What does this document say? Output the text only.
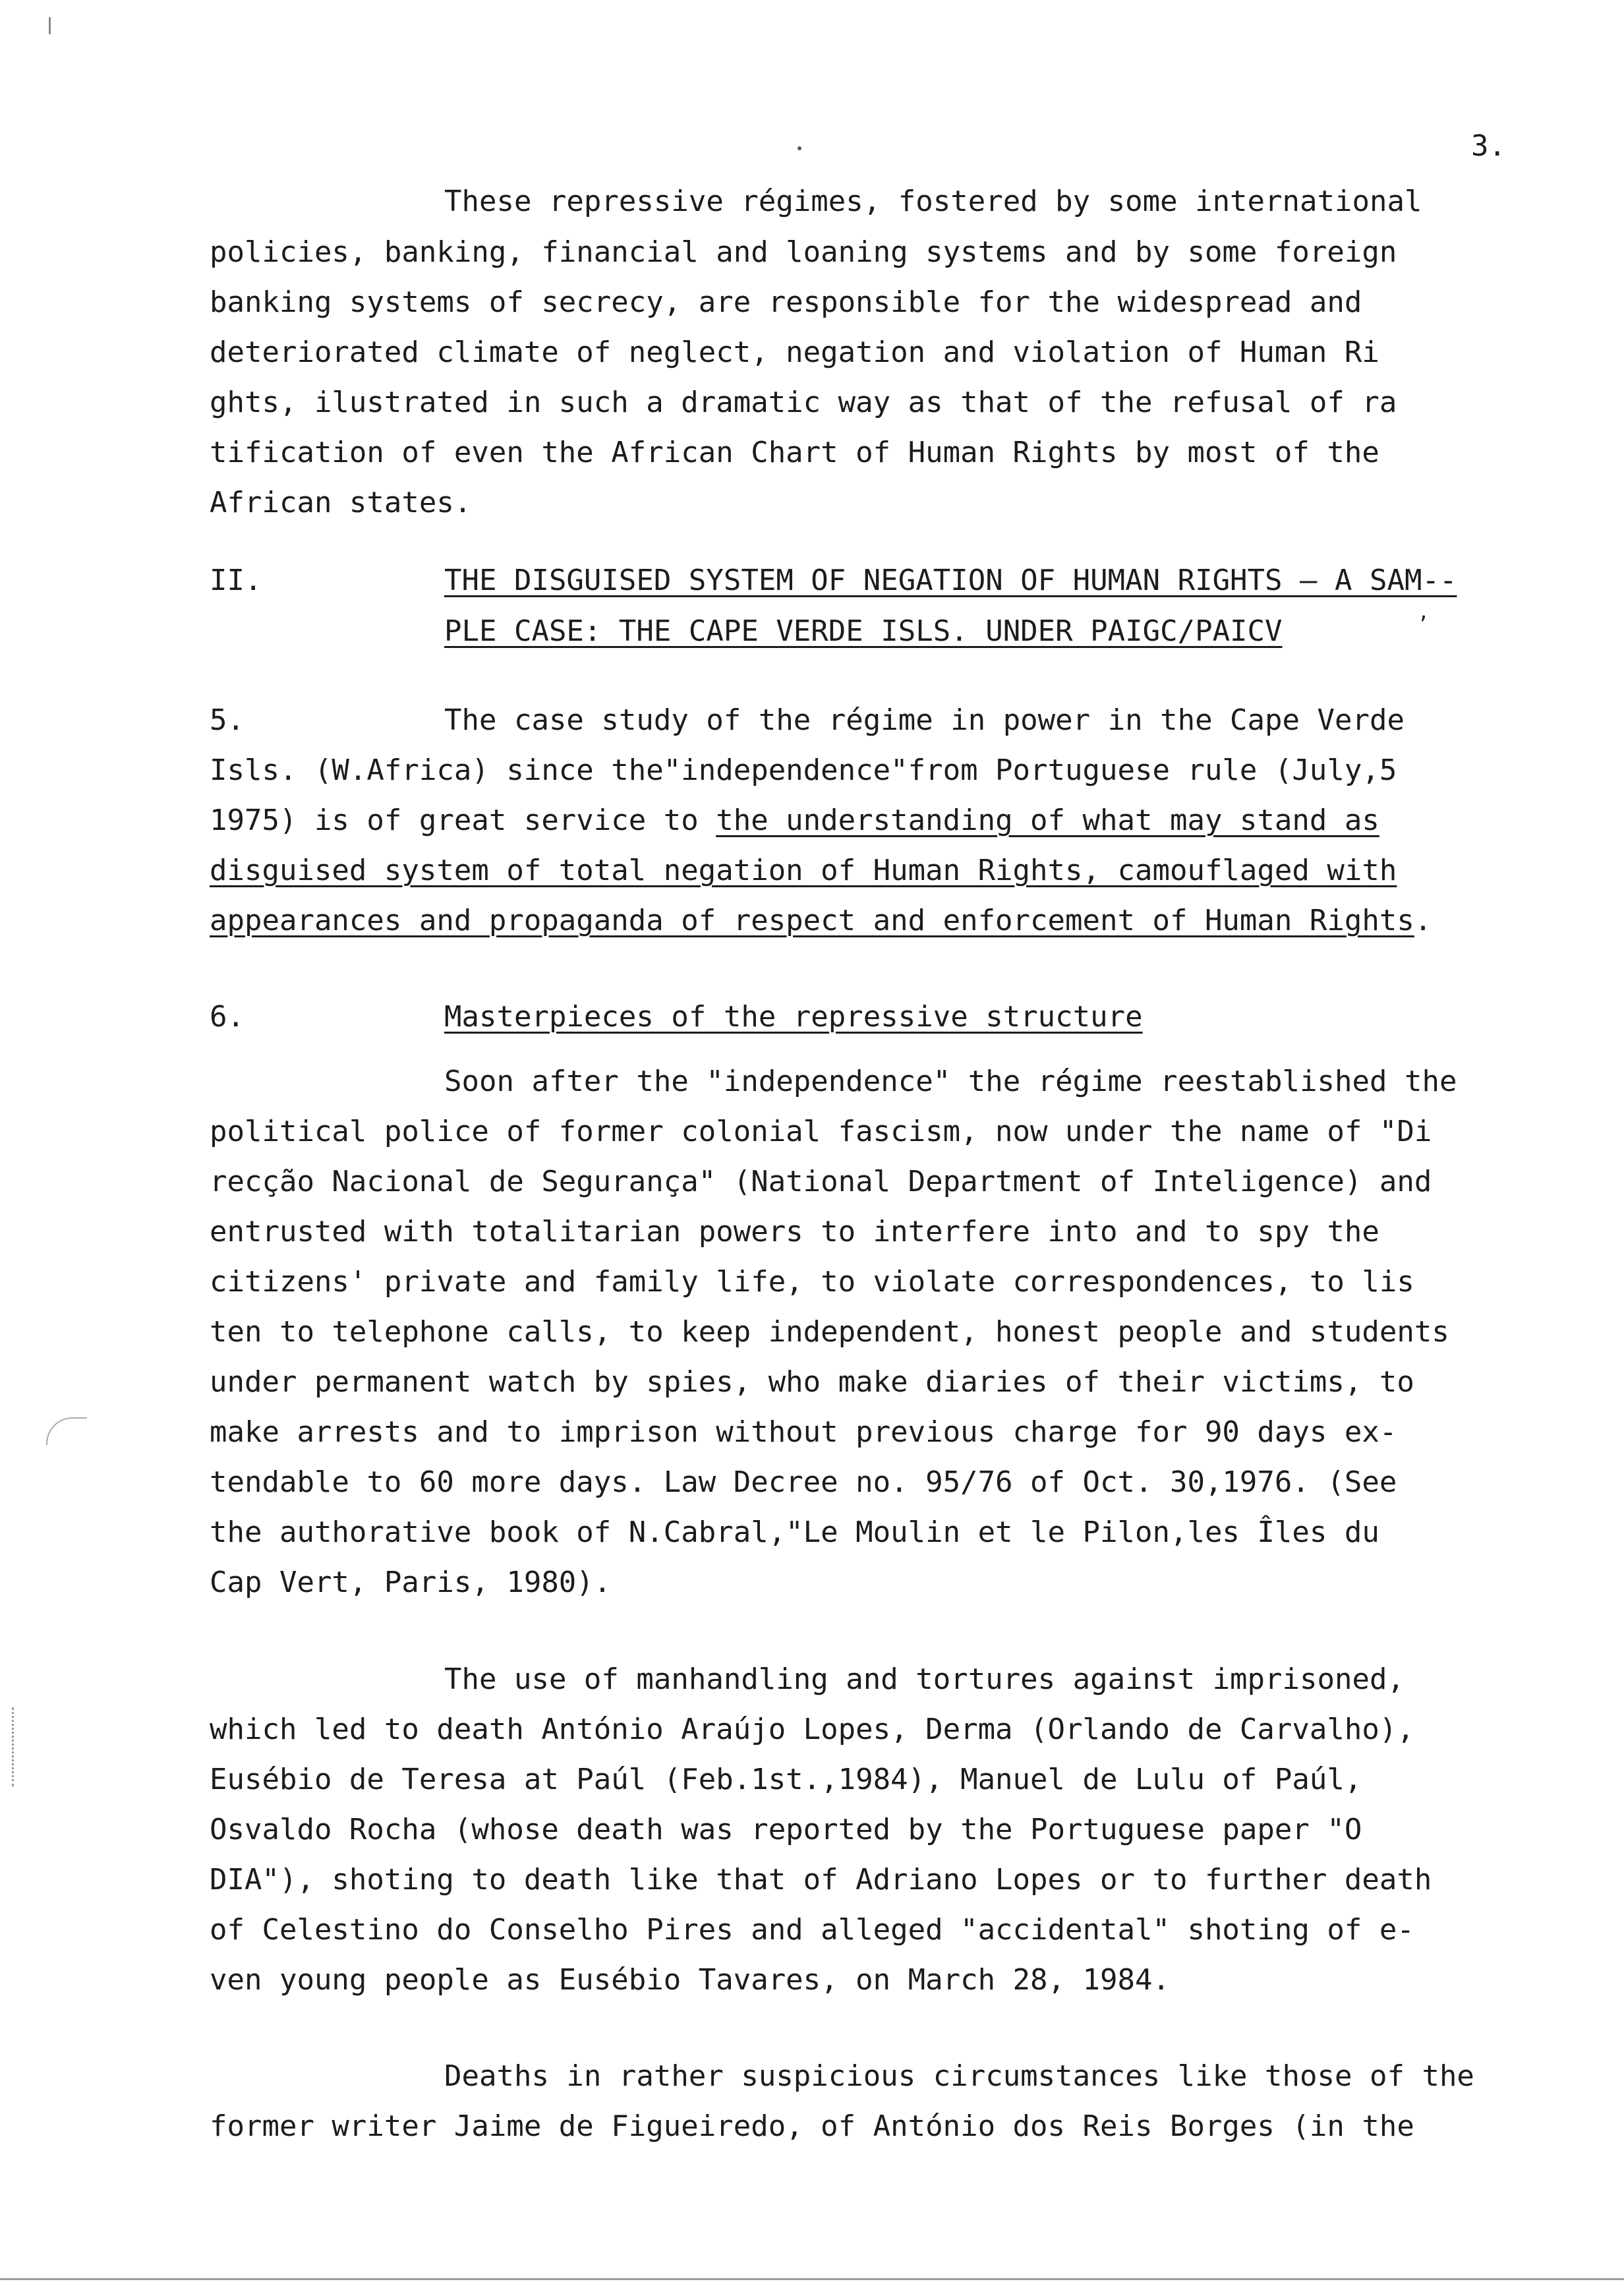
3.
These repressive régimes, fostered by some international
policies, banking, financial and loaning systems and by some foreign
banking systems of secrecy, are responsible for the widespread and
deteriorated climate of neglect, negation and violation of Human Ri
ghts, ilustrated in such a dramatic way as that of the refusal of ra
tification of even the African Chart of Human Rights by most of the
African states.
II.	THE DISGUISED SYSTEM OF NEGATION OF HUMAN RIGHTS — A SAM--
PLE CASE: THE CAPE VERDE ISLS. UNDER PAIGC/PAICV	ʼ
5.	The case study of the régime in power in the Cape Verde
Isls. (W.Africa) since the"independence"from Portuguese rule (July,5
1975) is of great service to the understanding of what may stand as
disguised system of total negation of Human Rights, camouflaged with
appearances and propaganda of respect and enforcement of Human Rights.
6.	Masterpieces of the repressive structure
Soon after the "independence" the régime reestablished the
political police of former colonial fascism, now under the name of "Di
recção Nacional de Segurança" (National Department of Inteligence) and
entrusted with totalitarian powers to interfere into and to spy the
citizens' private and family life, to violate correspondences, to lis
ten to telephone calls, to keep independent, honest people and students
under permanent watch by spies, who make diaries of their victims, to
make arrests and to imprison without previous charge for 90 days ex-
tendable to 60 more days. Law Decree no. 95/76 of Oct. 30,1976. (See
the authorative book of N.Cabral,"Le Moulin et le Pilon,les Îles du
Cap Vert, Paris, 1980).
The use of manhandling and tortures against imprisoned,
which led to death António Araújo Lopes, Derma (Orlando de Carvalho),
Eusébio de Teresa at Paúl (Feb.1st.,1984), Manuel de Lulu of Paúl,
Osvaldo Rocha (whose death was reported by the Portuguese paper "O
DIA"), shoting to death like that of Adriano Lopes or to further death
of Celestino do Conselho Pires and alleged "accidental" shoting of e-
ven young people as Eusébio Tavares, on March 28, 1984.
Deaths in rather suspicious circumstances like those of the
former writer Jaime de Figueiredo, of António dos Reis Borges (in the
